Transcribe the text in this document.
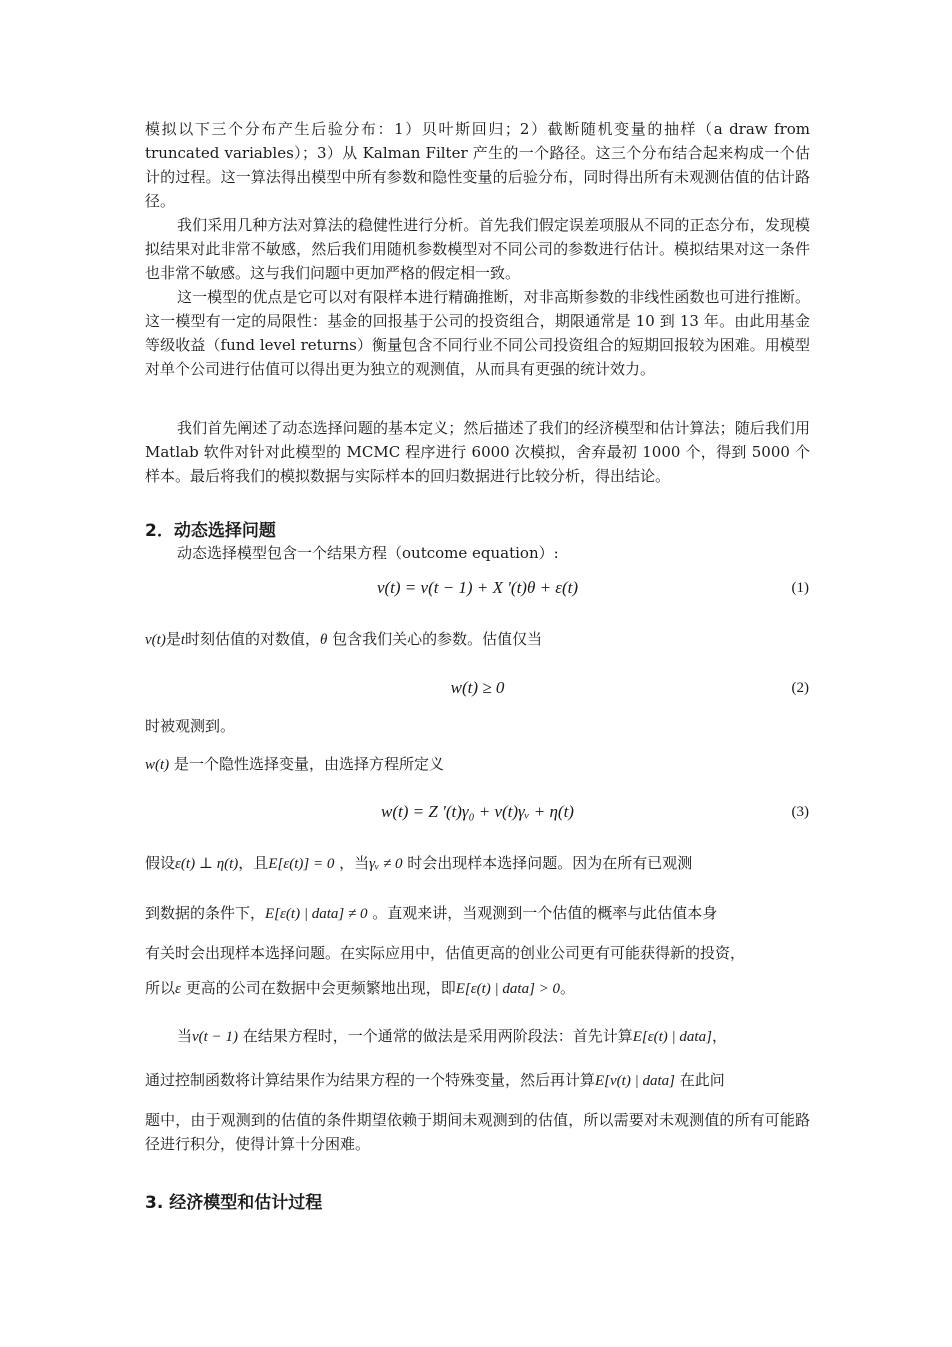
模拟以下三个分布产生后验分布：1）贝叶斯回归；2）截断随机变量的抽样（a draw from truncated variables）；3）从 Kalman Filter 产生的一个路径。这三个分布结合起来构成一个估计的过程。这一算法得出模型中所有参数和隐性变量的后验分布，同时得出所有未观测估值的估计路径。
我们采用几种方法对算法的稳健性进行分析。首先我们假定误差项服从不同的正态分布，发现模拟结果对此非常不敏感，然后我们用随机参数模型对不同公司的参数进行估计。模拟结果对这一条件也非常不敏感。这与我们问题中更加严格的假定相一致。
这一模型的优点是它可以对有限样本进行精确推断，对非高斯参数的非线性函数也可进行推断。这一模型有一定的局限性：基金的回报基于公司的投资组合，期限通常是 10 到 13 年。由此用基金等级收益（fund level returns）衡量包含不同行业不同公司投资组合的短期回报较为困难。用模型对单个公司进行估值可以得出更为独立的观测值，从而具有更强的统计效力。
我们首先阐述了动态选择问题的基本定义；然后描述了我们的经济模型和估计算法；随后我们用 Matlab 软件对针对此模型的 MCMC 程序进行 6000 次模拟，舍弃最初 1000 个，得到 5000 个样本。最后将我们的模拟数据与实际样本的回归数据进行比较分析，得出结论。
2．动态选择问题
动态选择模型包含一个结果方程（outcome equation）:
v(t) = v(t − 1) + X ′(t)θ + ε(t)	(1)
v(t)是t时刻估值的对数值，θ 包含我们关心的参数。估值仅当
w(t) ≥ 0	(2)
时被观测到。
w(t) 是一个隐性选择变量，由选择方程所定义
w(t) = Z ′(t)γ₀ + v(t)γᵥ + η(t)	(3)
假设ε(t) ⊥ η(t)，且E[ε(t)] = 0 ，当γᵥ ≠ 0 时会出现样本选择问题。因为在所有已观测
到数据的条件下，E[ε(t) | data] ≠ 0 。直观来讲，当观测到一个估值的概率与此估值本身
有关时会出现样本选择问题。在实际应用中，估值更高的创业公司更有可能获得新的投资，
所以ε 更高的公司在数据中会更频繁地出现，即E[ε(t) | data] > 0。
当v(t − 1) 在结果方程时，一个通常的做法是采用两阶段法：首先计算E[ε(t) | data]，
通过控制函数将计算结果作为结果方程的一个特殊变量，然后再计算E[v(t) | data] 在此问
题中，由于观测到的估值的条件期望依赖于期间未观测到的估值，所以需要对未观测值的所有可能路径进行积分，使得计算十分困难。
3. 经济模型和估计过程
